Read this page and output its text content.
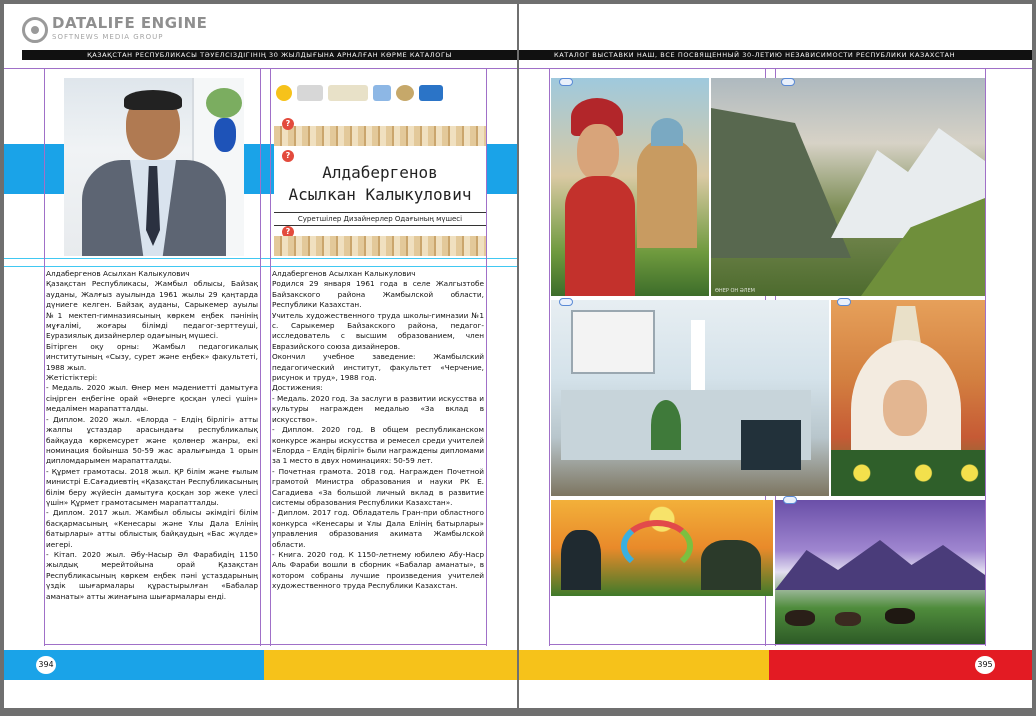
DATALIFE ENGINE
SOFTNEWS MEDIA GROUP
ҚАЗАҚСТАН РЕСПУБЛИКАСЫ ТӘУЕЛСІЗДІГІНІҢ 30 ЖЫЛДЫҒЫНА АРНАЛҒАН КӨРМЕ КАТАЛОГЫ
?
?
Алдабергенов
Асылкан Калыкулович
Суретшілер Дизайнерлер Одағының мүшесі
?

Алдабергенов Асылхан Калыкулович

Қазақстан Республикасы, Жамбыл облысы, Байзақ ауданы, Жалғыз ауылында 1961 жылы 29 қаңтарда дүниеге келген. Байзақ ауданы, Сарыкемер ауылы №1 мектеп-гимназиясының көркем еңбек пәнінің мұғалімі, жоғары білімді педагог-зерттеуші, Еуразиялық дизайнерлер одағының мүшесі.

Бітірген оқу орны: Жамбыл педагогикалық институтының «Сызу, сурет және еңбек» факультеті, 1988 жыл.

Жетістіктері:

- Медаль. 2020 жыл. Өнер мен мәдениетті дамытуға сіңірген еңбегіне орай «Өнерге қосқан үлесі үшін» медалімен марапатталды.

- Диплом. 2020 жыл. «Елорда – Елдің бірлігі» атты жалпы ұстаздар арасындағы республикалық байқауда көркемсурет және қолөнер жанры, екі номинация бойынша 50-59 жас аралығында 1 орын дипломдарымен марапатталды.

- Құрмет грамотасы. 2018 жыл. ҚР білім және ғылым министрі Е.Сағадиевтің «Қазақстан Республикасының білім беру жүйесін дамытуға қосқан зор жеке үлесі үшін» Құрмет грамотасымен марапатталды.

- Диплом. 2017 жыл. Жамбыл облысы әкімдігі білім басқармасының «Кенесары және Ұлы Дала Елінің батырлары» атты облыстық байқаудың «Бас жүлде» иегері.

- Кітап. 2020 жыл. Әбу-Насыр Әл Фарабидің 1150 жылдық мерейтойына орай Қазақстан Республикасының көркем еңбек пәні ұстаздарының үздік шығармалары құрастырылған «Бабалар аманаты» атты жинағына шығармалары енді.

Алдабергенов Асылхан Калыкулович

Родился 29 января 1961 года в селе Жалгызтобе Байзакского района Жамбылской области, Республики Казахстан.

Учитель художественного труда школы-гимназии №1 с. Сарыкемер Байзакского района, педагог-исследователь с высшим образованием, член Евразийского союза дизайнеров.

Окончил учебное заведение: Жамбылский педагогический институт, факультет «Черчение, рисунок и труд», 1988 год.

Достижения:

- Медаль. 2020 год. За заслуги в развитии искусства и культуры награжден медалью «За вклад в искусство».

- Диплом. 2020 год. В общем республиканском конкурсе жанры искусства и ремесел среди учителей «Елорда – Елдің бірлігі» были награждены дипломами за 1 место в двух номинациях: 50-59 лет.

- Почетная грамота. 2018 год. Награжден Почетной грамотой Министра образования и науки РК Е. Сагадиева «За большой личный вклад в развитие системы образования Республики Казахстан».

- Диплом. 2017 год. Обладатель Гран-при областного конкурса «Кенесары и Ұлы Дала Елінің батырлары» управления образования акимата Жамбылской области.

- Книга. 2020 год. К 1150-летнему юбилею Абу-Наср Аль Фараби вошли в сборник «Бабалар аманаты», в котором собраны лучшие произведения учителей художественного труда Республики Казахстан.

394
КАТАЛОГ ВЫСТАВКИ НАШ, ВСЕ ПОСВЯЩЕННЫЙ 30-ЛЕТИЮ НЕЗАВИСИМОСТИ РЕСПУБЛИКИ КАЗАХСТАН
ӨНЕР ОН ӘЛЕМ
395
